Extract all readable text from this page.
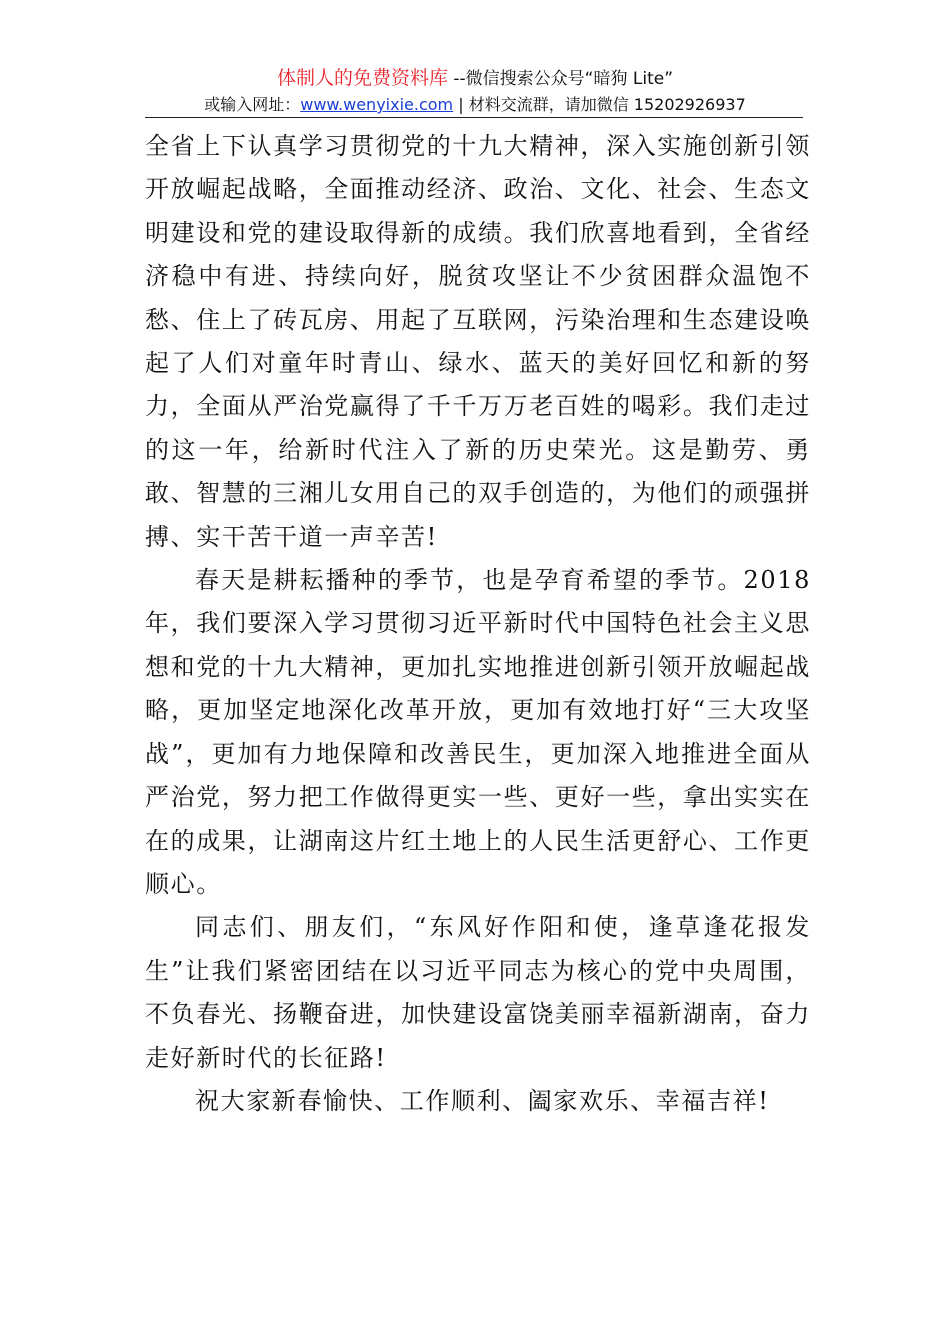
体制人的免费资料库 --微信搜索公众号“暗狗 Lite”
或输入网址：www.wenyixie.com | 材料交流群，请加微信 15202926937

全省上下认真学习贯彻党的十九大精神，深入实施创新引领开放崛起战略，全面推动经济、政治、文化、社会、生态文明建设和党的建设取得新的成绩。我们欣喜地看到，全省经济稳中有进、持续向好，脱贫攻坚让不少贫困群众温饱不愁、住上了砖瓦房、用起了互联网，污染治理和生态建设唤起了人们对童年时青山、绿水、蓝天的美好回忆和新的努力，全面从严治党赢得了千千万万老百姓的喝彩。我们走过的这一年，给新时代注入了新的历史荣光。这是勤劳、勇敢、智慧的三湘儿女用自己的双手创造的，为他们的顽强拼搏、实干苦干道一声辛苦!

春天是耕耘播种的季节，也是孕育希望的季节。2018 年，我们要深入学习贯彻习近平新时代中国特色社会主义思想和党的十九大精神，更加扎实地推进创新引领开放崛起战略，更加坚定地深化改革开放，更加有效地打好“三大攻坚战”，更加有力地保障和改善民生，更加深入地推进全面从严治党，努力把工作做得更实一些、更好一些，拿出实实在在的成果，让湖南这片红土地上的人民生活更舒心、工作更顺心。

同志们、朋友们，“东风好作阳和使，逢草逢花报发生”让我们紧密团结在以习近平同志为核心的党中央周围，不负春光、扬鞭奋进，加快建设富饶美丽幸福新湖南，奋力走好新时代的长征路!

祝大家新春愉快、工作顺利、阖家欢乐、幸福吉祥!
